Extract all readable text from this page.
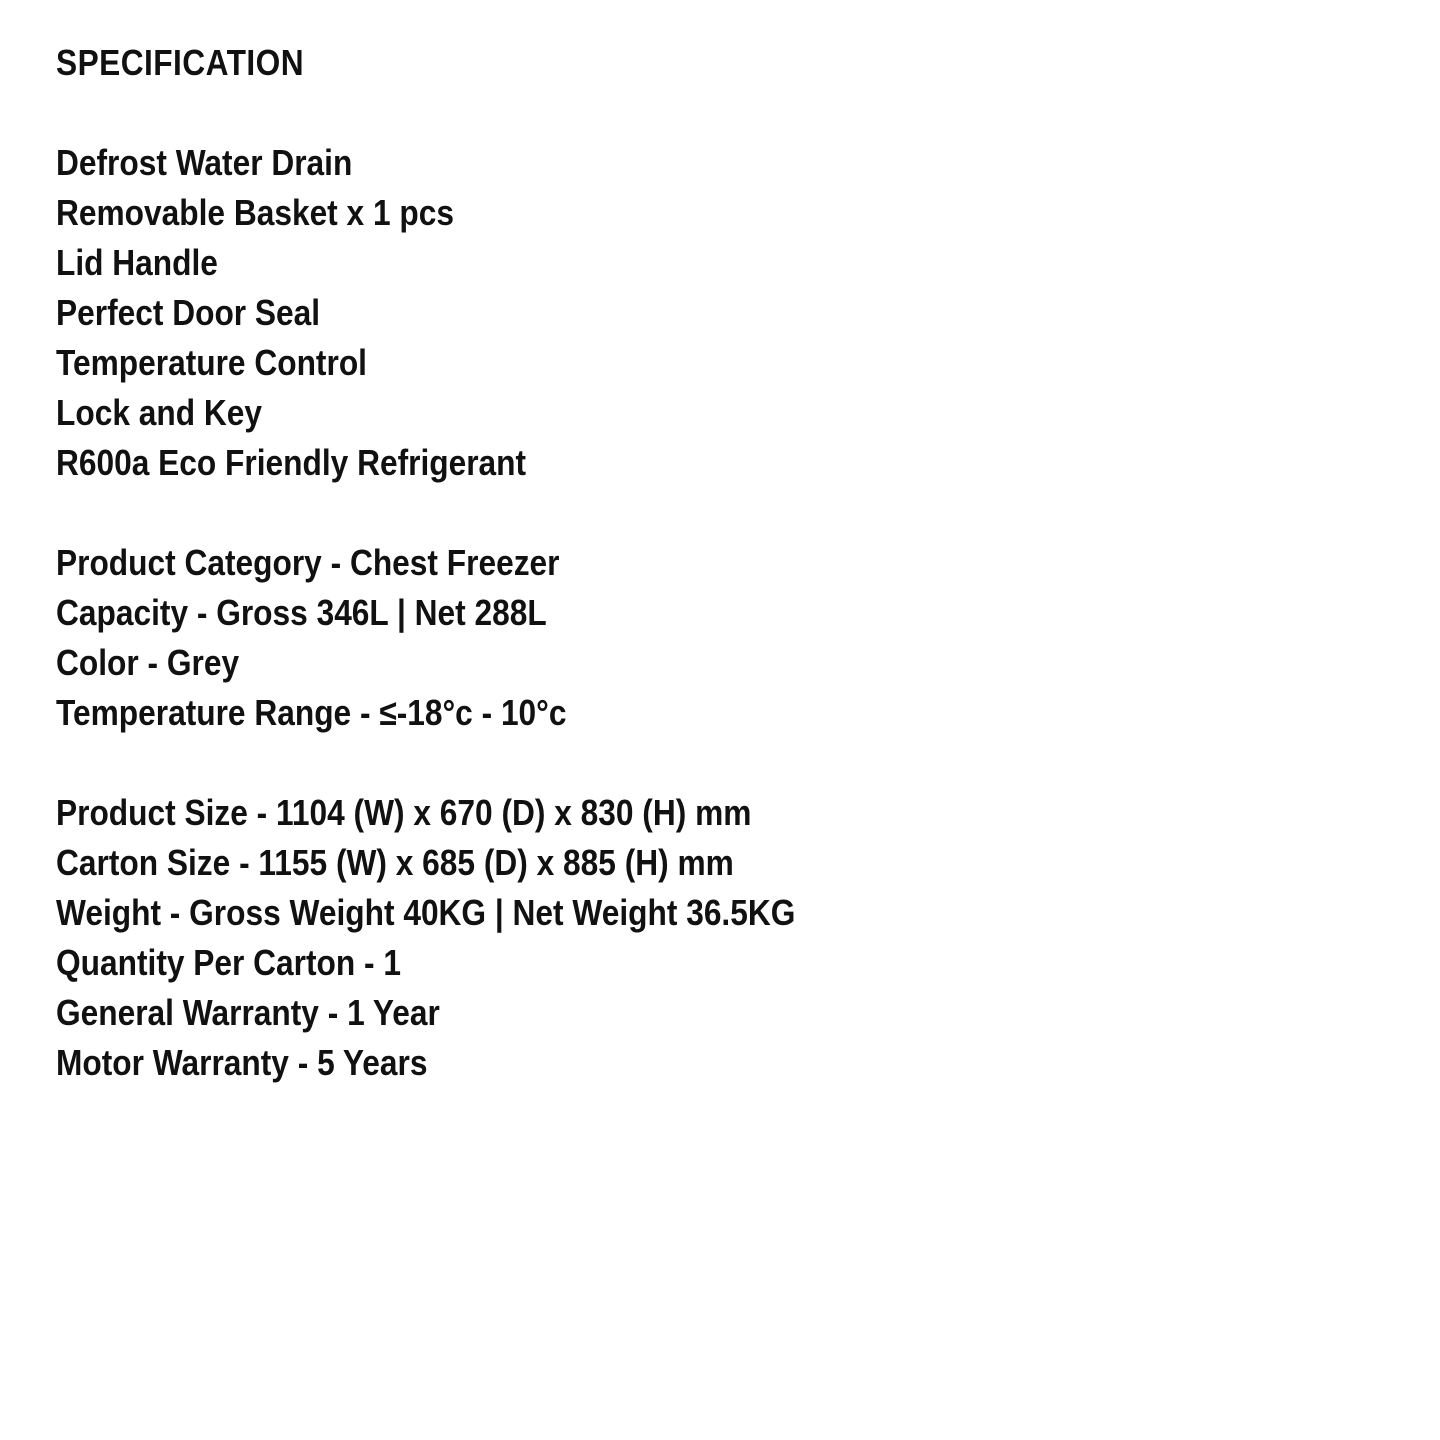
SPECIFICATION
Defrost Water Drain
Removable Basket x 1 pcs
Lid Handle
Perfect Door Seal
Temperature Control
Lock and Key
R600a Eco Friendly Refrigerant
Product Category - Chest Freezer
Capacity - Gross 346L | Net 288L
Color - Grey
Temperature Range - ≤-18°c - 10°c
Product Size - 1104 (W) x 670 (D) x 830 (H) mm
Carton Size - 1155 (W) x 685 (D) x 885 (H) mm
Weight - Gross Weight 40KG | Net Weight 36.5KG
Quantity Per Carton - 1
General Warranty - 1 Year
Motor Warranty - 5 Years
